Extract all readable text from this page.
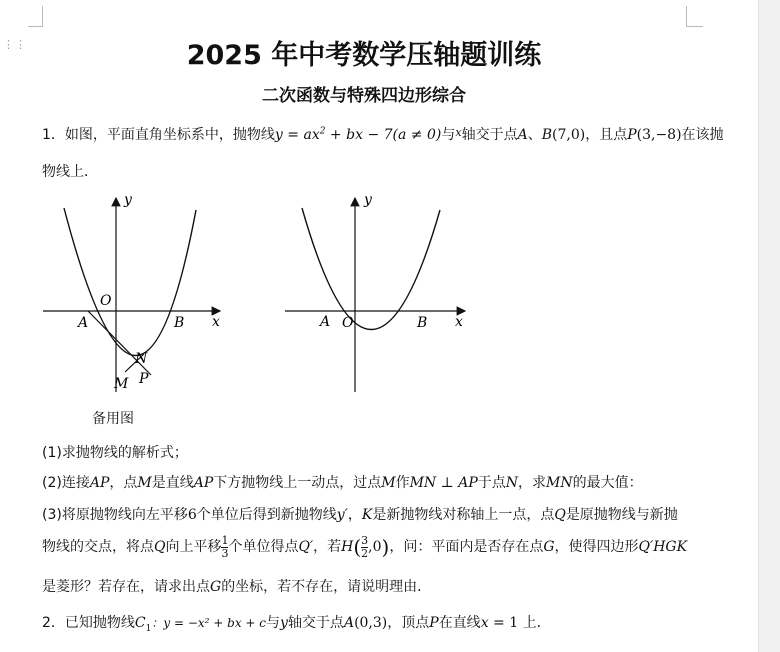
⋮⋮	2025 年中考数学压轴题训练
二次函数与特殊四边形综合
1．如图，平面直角坐标系中，抛物线$y = ax^2$ + bx − 7(a ≠ 0)与$^x$轴交于点A、B(7,0)，且点P(3,−8)在该抛
物线上．
y
O
A	B x
N
M P
y
A O	B x
备用图
(1)求抛物线的解析式；
(2)连接AP，点M是直线AP下方抛物线上一动点，过点M作MN ⊥ AP于点N，求MN的最大值：
(3)将原抛物线向左平移6个单位后得到新抛物线y′，K是新抛物线对称轴上一点，点Q是原抛物线与新抛
物线的交点，将点Q向上平移 $\frac{1}{3}$ 个单位得点Q′，若$H( \frac{3}{2} ,0)$，问：平面内是否存在点G，使得四边形Q′HGK
是菱形？若存在，请求出点G的坐标，若不存在，请说明理由．
2．已知抛物线$C_1$：y = −x² + bx + c与y轴交于点A(0,3)，顶点P在直线x = 1 上．
